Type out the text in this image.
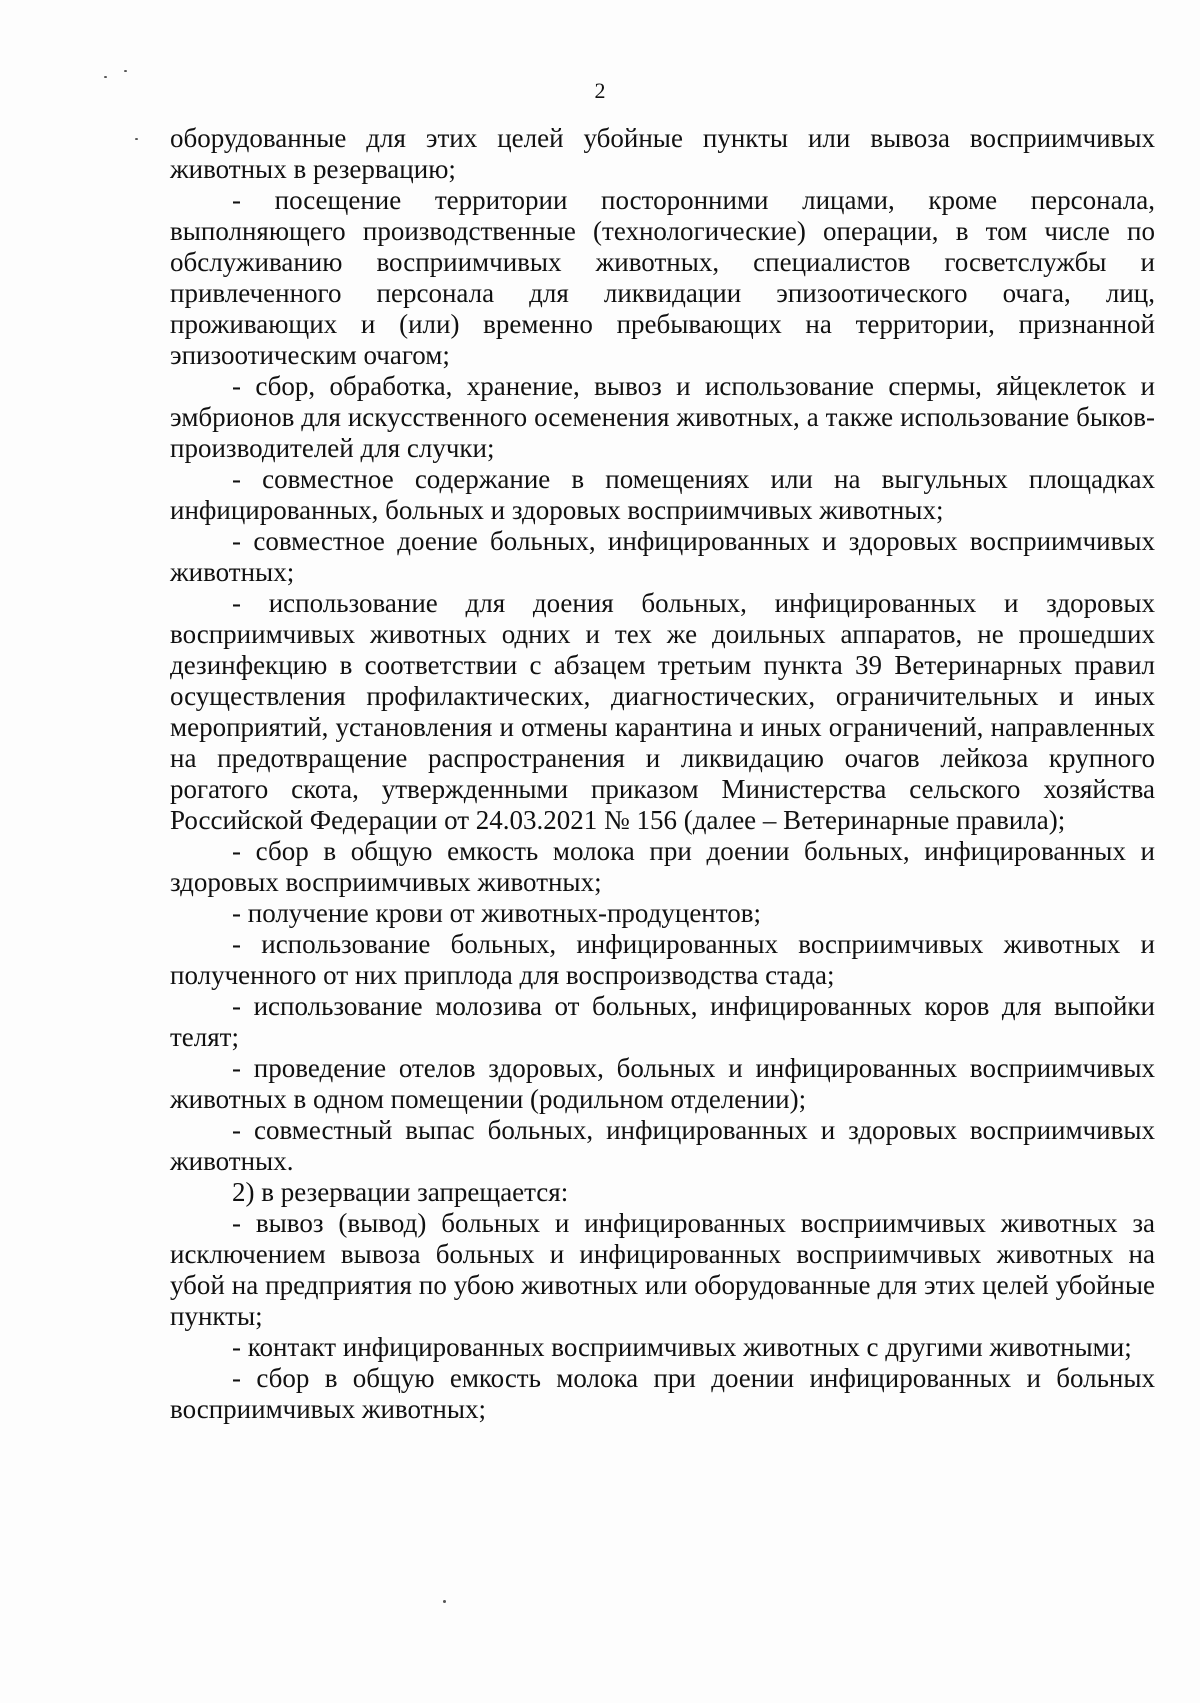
2

оборудованные для этих целей убойные пункты или вывоза восприимчивых животных в резервацию;

- посещение территории посторонними лицами, кроме персонала, выполняющего производственные (технологические) операции, в том числе по обслуживанию восприимчивых животных, специалистов госветслужбы и привлеченного персонала для ликвидации эпизоотического очага, лиц, проживающих и (или) временно пребывающих на территории, признанной эпизоотическим очагом;

- сбор, обработка, хранение, вывоз и использование спермы, яйцеклеток и эмбрионов для искусственного осеменения животных, а также использование быков-производителей для случки;

- совместное содержание в помещениях или на выгульных площадках инфицированных, больных и здоровых восприимчивых животных;

- совместное доение больных, инфицированных и здоровых восприимчивых животных;

- использование для доения больных, инфицированных и здоровых восприимчивых животных одних и тех же доильных аппаратов, не прошедших дезинфекцию в соответствии с абзацем третьим пункта 39 Ветеринарных правил осуществления профилактических, диагностических, ограничительных и иных мероприятий, установления и отмены карантина и иных ограничений, направленных на предотвращение распространения и ликвидацию очагов лейкоза крупного рогатого скота, утвержденными приказом Министерства сельского хозяйства Российской Федерации от 24.03.2021 № 156 (далее – Ветеринарные правила);

- сбор в общую емкость молока при доении больных, инфицированных и здоровых восприимчивых животных;

- получение крови от животных-продуцентов;

- использование больных, инфицированных восприимчивых животных и полученного от них приплода для воспроизводства стада;

- использование молозива от больных, инфицированных коров для выпойки телят;

- проведение отелов здоровых, больных и инфицированных восприимчивых животных в одном помещении (родильном отделении);

- совместный выпас больных, инфицированных и здоровых восприимчивых животных.

2) в резервации запрещается:

- вывоз (вывод) больных и инфицированных восприимчивых животных за исключением вывоза больных и инфицированных восприимчивых животных на убой на предприятия по убою животных или оборудованные для этих целей убойные пункты;

- контакт инфицированных восприимчивых животных с другими животными;

- сбор в общую емкость молока при доении инфицированных и больных восприимчивых животных;
